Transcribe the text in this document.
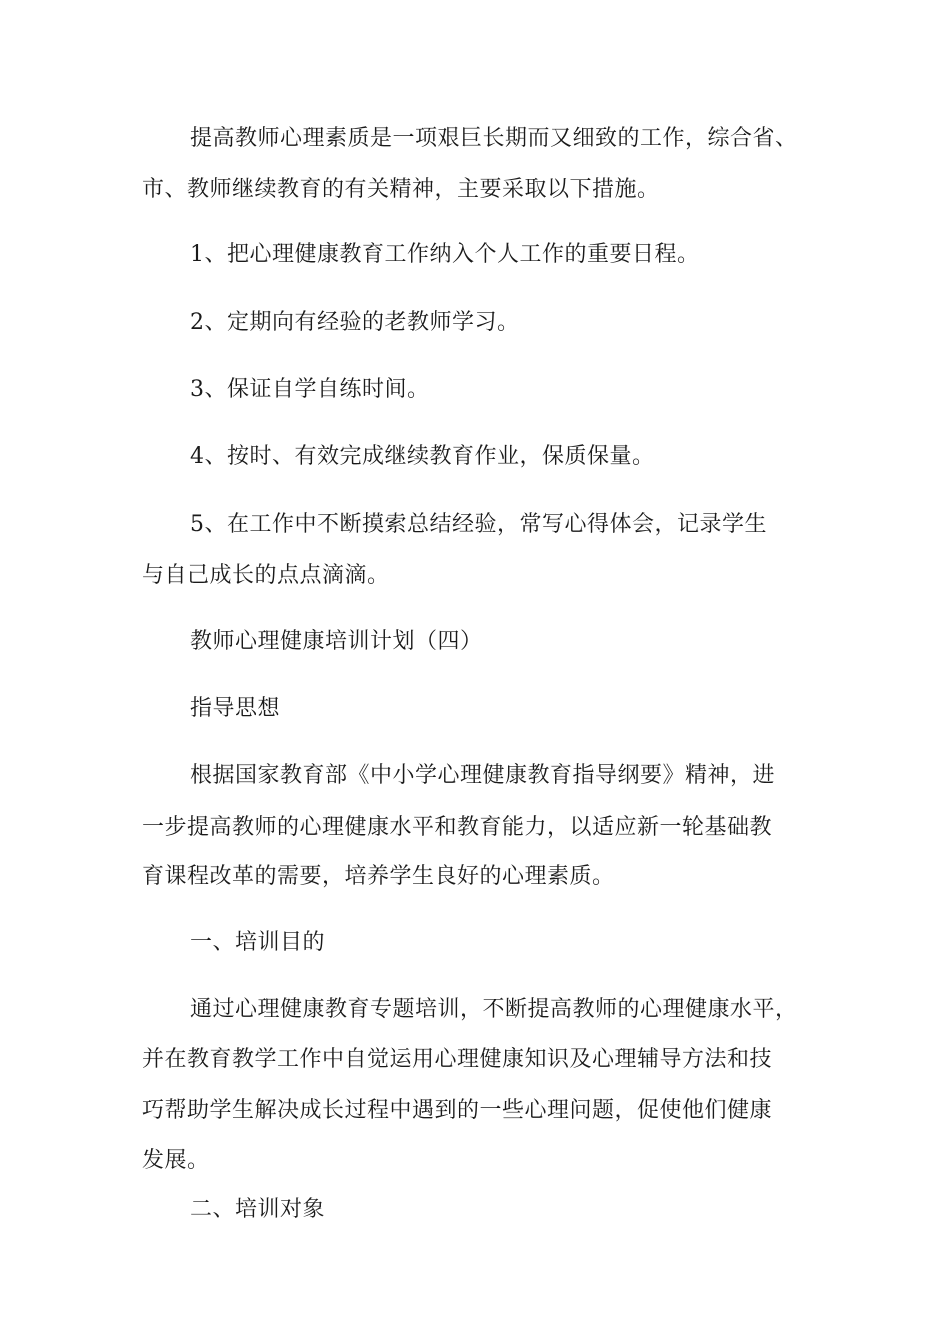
提高教师心理素质是一项艰巨长期而又细致的工作，综合省、
市、教师继续教育的有关精神，主要采取以下措施。
1、把心理健康教育工作纳入个人工作的重要日程。
2、定期向有经验的老教师学习。
3、保证自学自练时间。
4、按时、有效完成继续教育作业，保质保量。
5、在工作中不断摸索总结经验，常写心得体会，记录学生
与自己成长的点点滴滴。
教师心理健康培训计划（四）
指导思想
根据国家教育部《中小学心理健康教育指导纲要》精神，进
一步提高教师的心理健康水平和教育能力，以适应新一轮基础教
育课程改革的需要，培养学生良好的心理素质。
一、培训目的
通过心理健康教育专题培训，不断提高教师的心理健康水平，
并在教育教学工作中自觉运用心理健康知识及心理辅导方法和技
巧帮助学生解决成长过程中遇到的一些心理问题，促使他们健康
发展。
二、培训对象
